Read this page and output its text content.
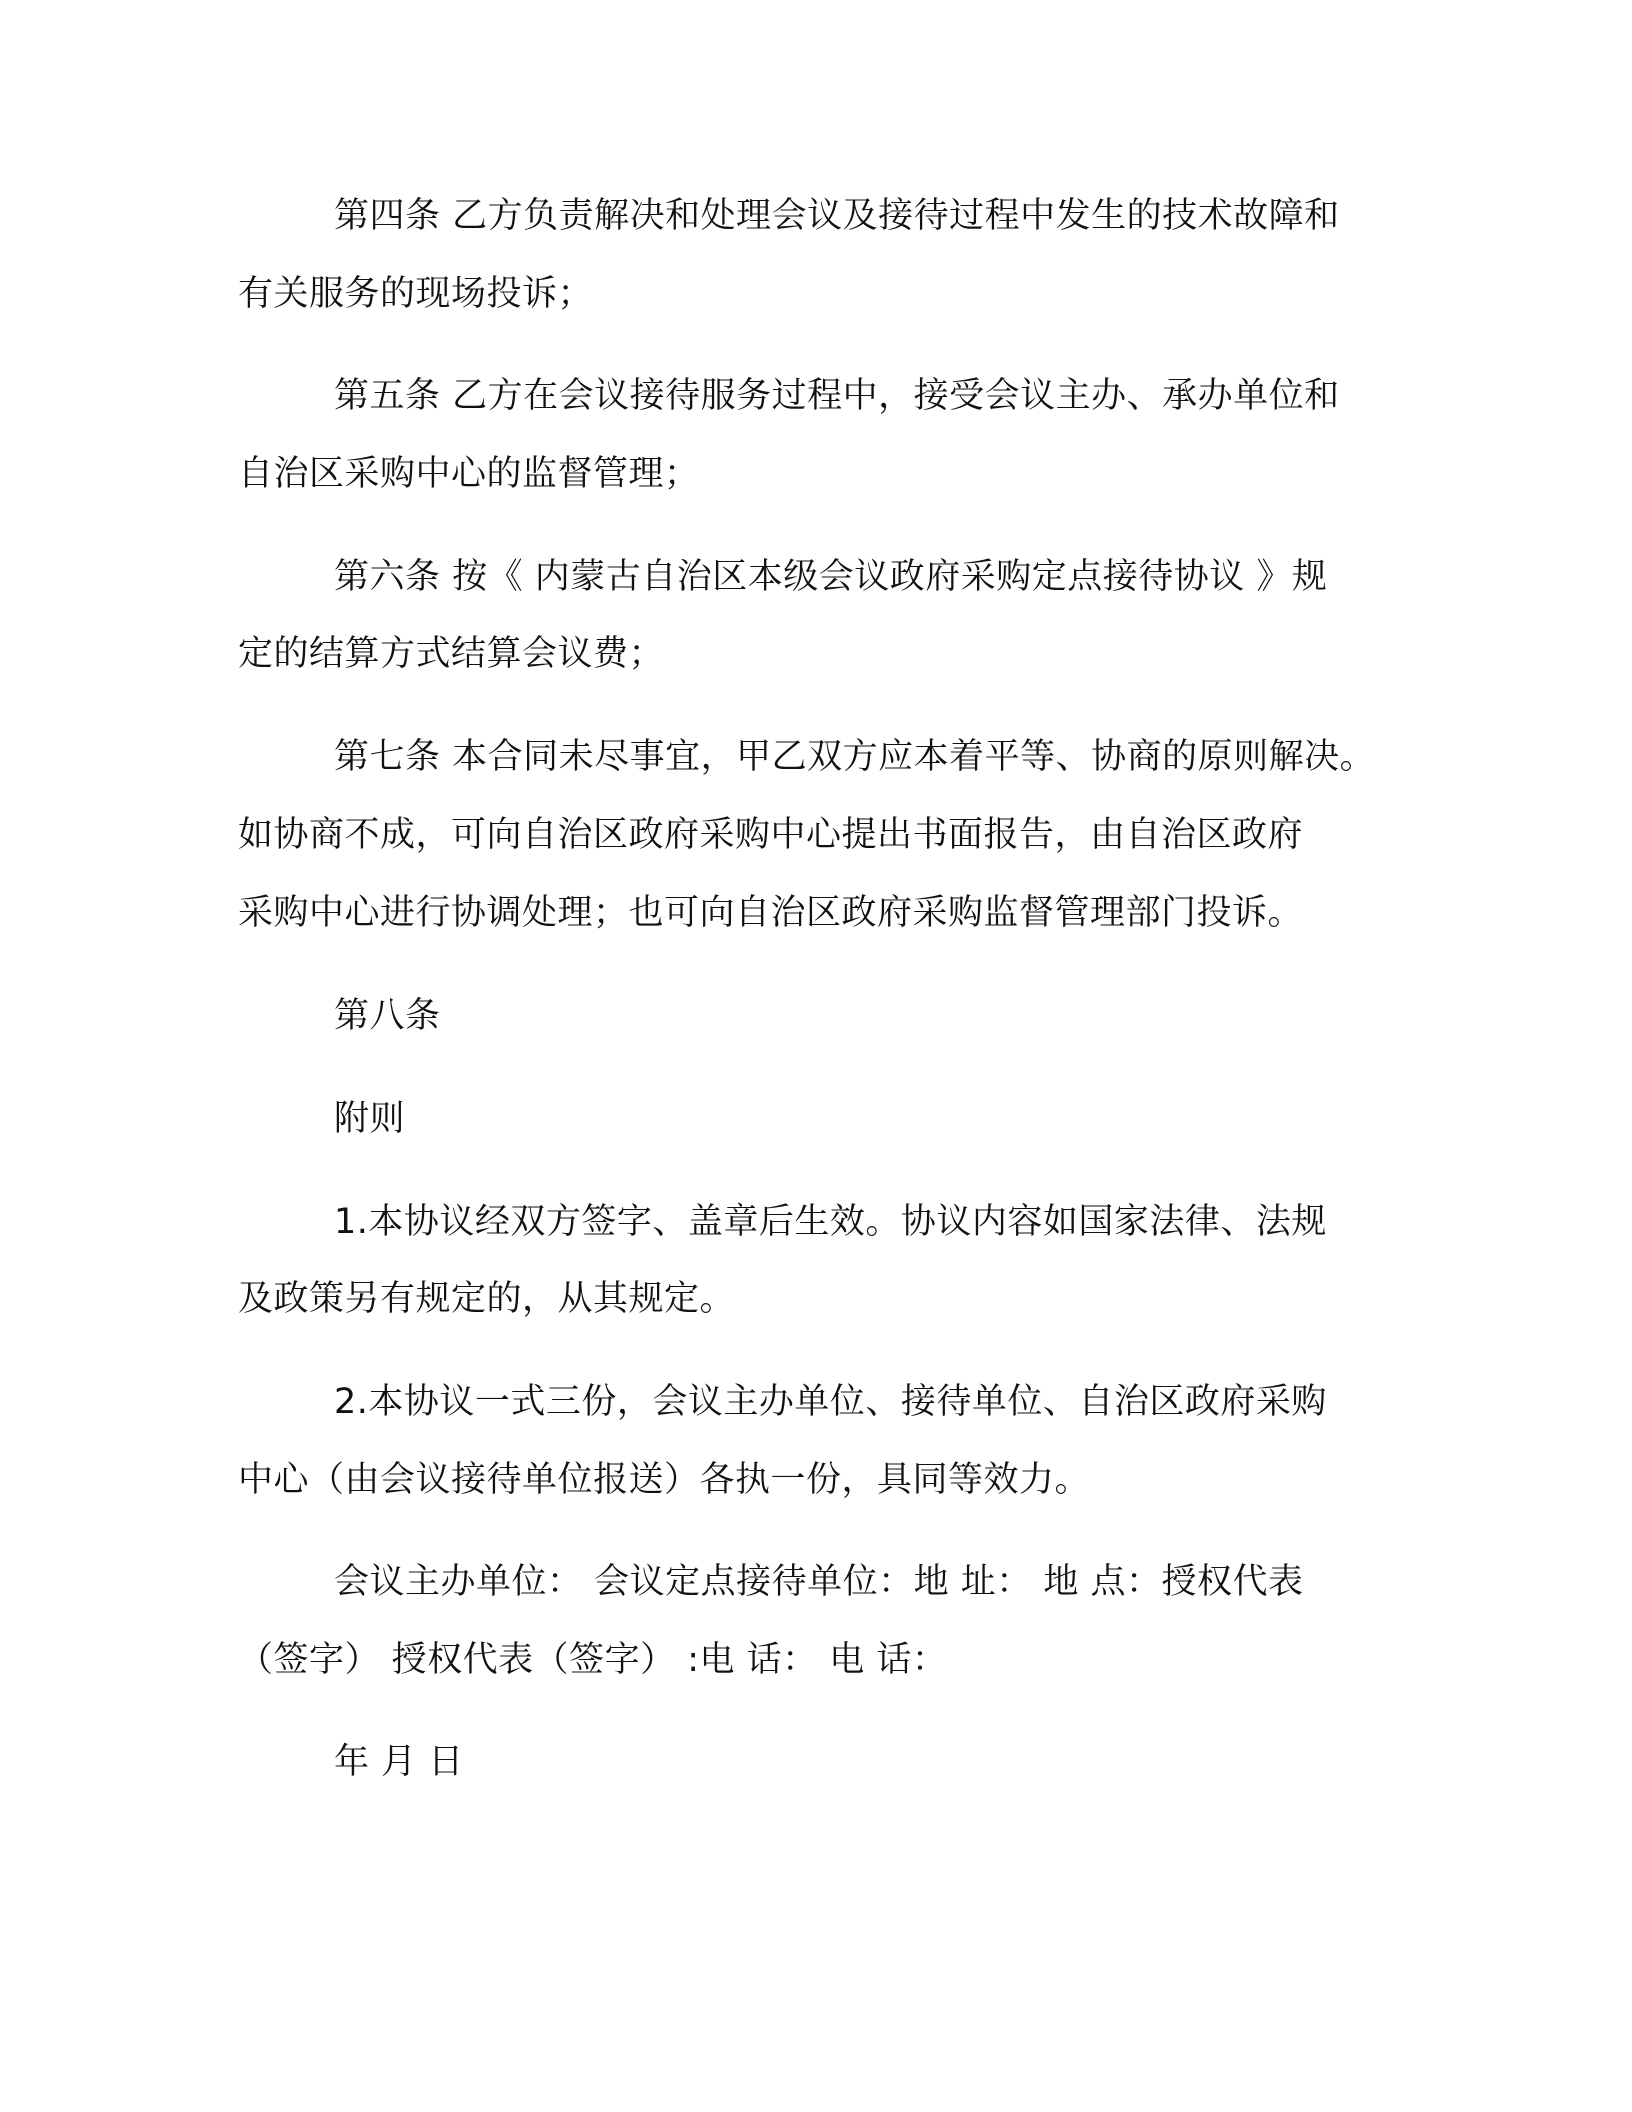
第四条 乙方负责解决和处理会议及接待过程中发生的技术故障和
有关服务的现场投诉；
第五条 乙方在会议接待服务过程中，接受会议主办、承办单位和
自治区采购中心的监督管理；
第六条 按《 内蒙古自治区本级会议政府采购定点接待协议 》规
定的结算方式结算会议费；
第七条 本合同未尽事宜，甲乙双方应本着平等、协商的原则解决。
如协商不成，可向自治区政府采购中心提出书面报告，由自治区政府
采购中心进行协调处理；也可向自治区政府采购监督管理部门投诉。
第八条
附则
1.本协议经双方签字、盖章后生效。协议内容如国家法律、法规
及政策另有规定的，从其规定。
2.本协议一式三份，会议主办单位、接待单位、自治区政府采购
中心（由会议接待单位报送）各执一份，具同等效力。
会议主办单位： 会议定点接待单位：地 址： 地 点：授权代表
（签字） 授权代表（签字） :电 话： 电 话：
年 月 日
